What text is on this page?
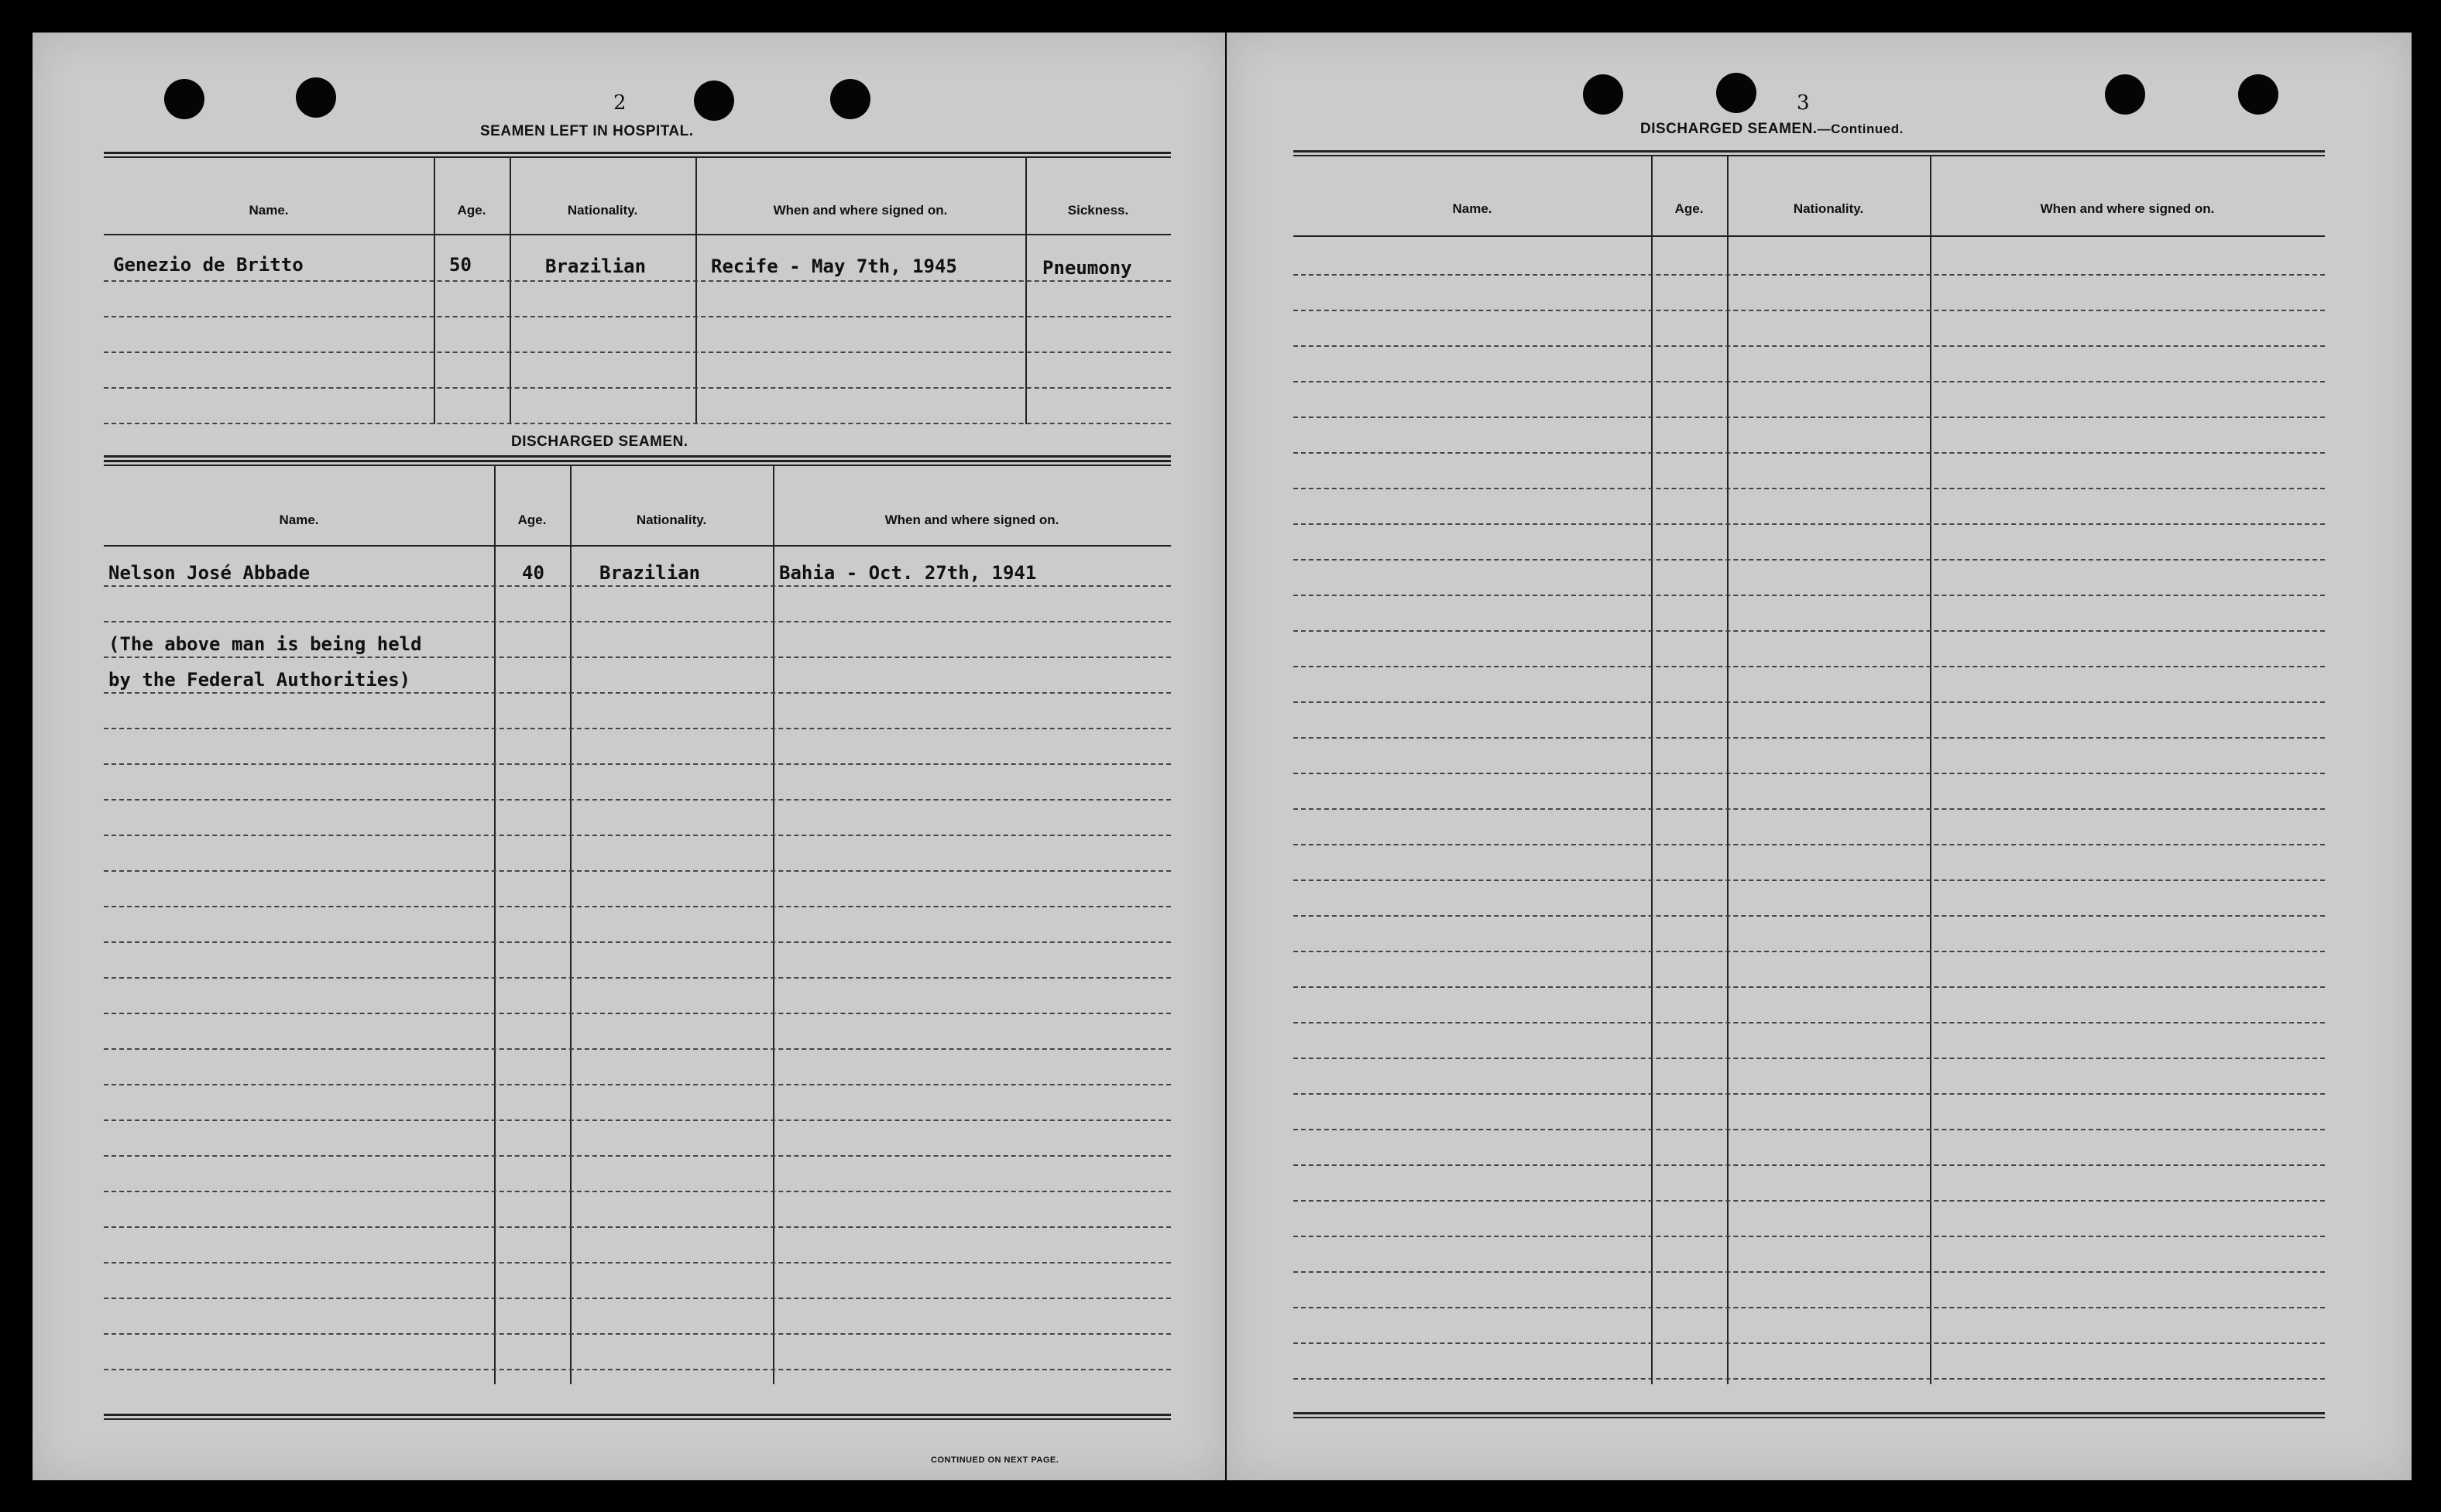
2
SEAMEN LEFT IN HOSPITAL.
Name.	Age.	Nationality.	When and where signed on.	Sickness.
Genezio de Britto	50	Brazilian	Recife - May 7th, 1945	Pneumony
DISCHARGED SEAMEN.
Name.	Age.	Nationality.	When and where signed on.
Nelson José Abbade	40	Brazilian	Bahia - Oct. 27th, 1941
(The above man is being held
by the Federal Authorities)
CONTINUED ON NEXT PAGE.
3
DISCHARGED SEAMEN.—Continued.
Name.	Age.	Nationality.	When and where signed on.
